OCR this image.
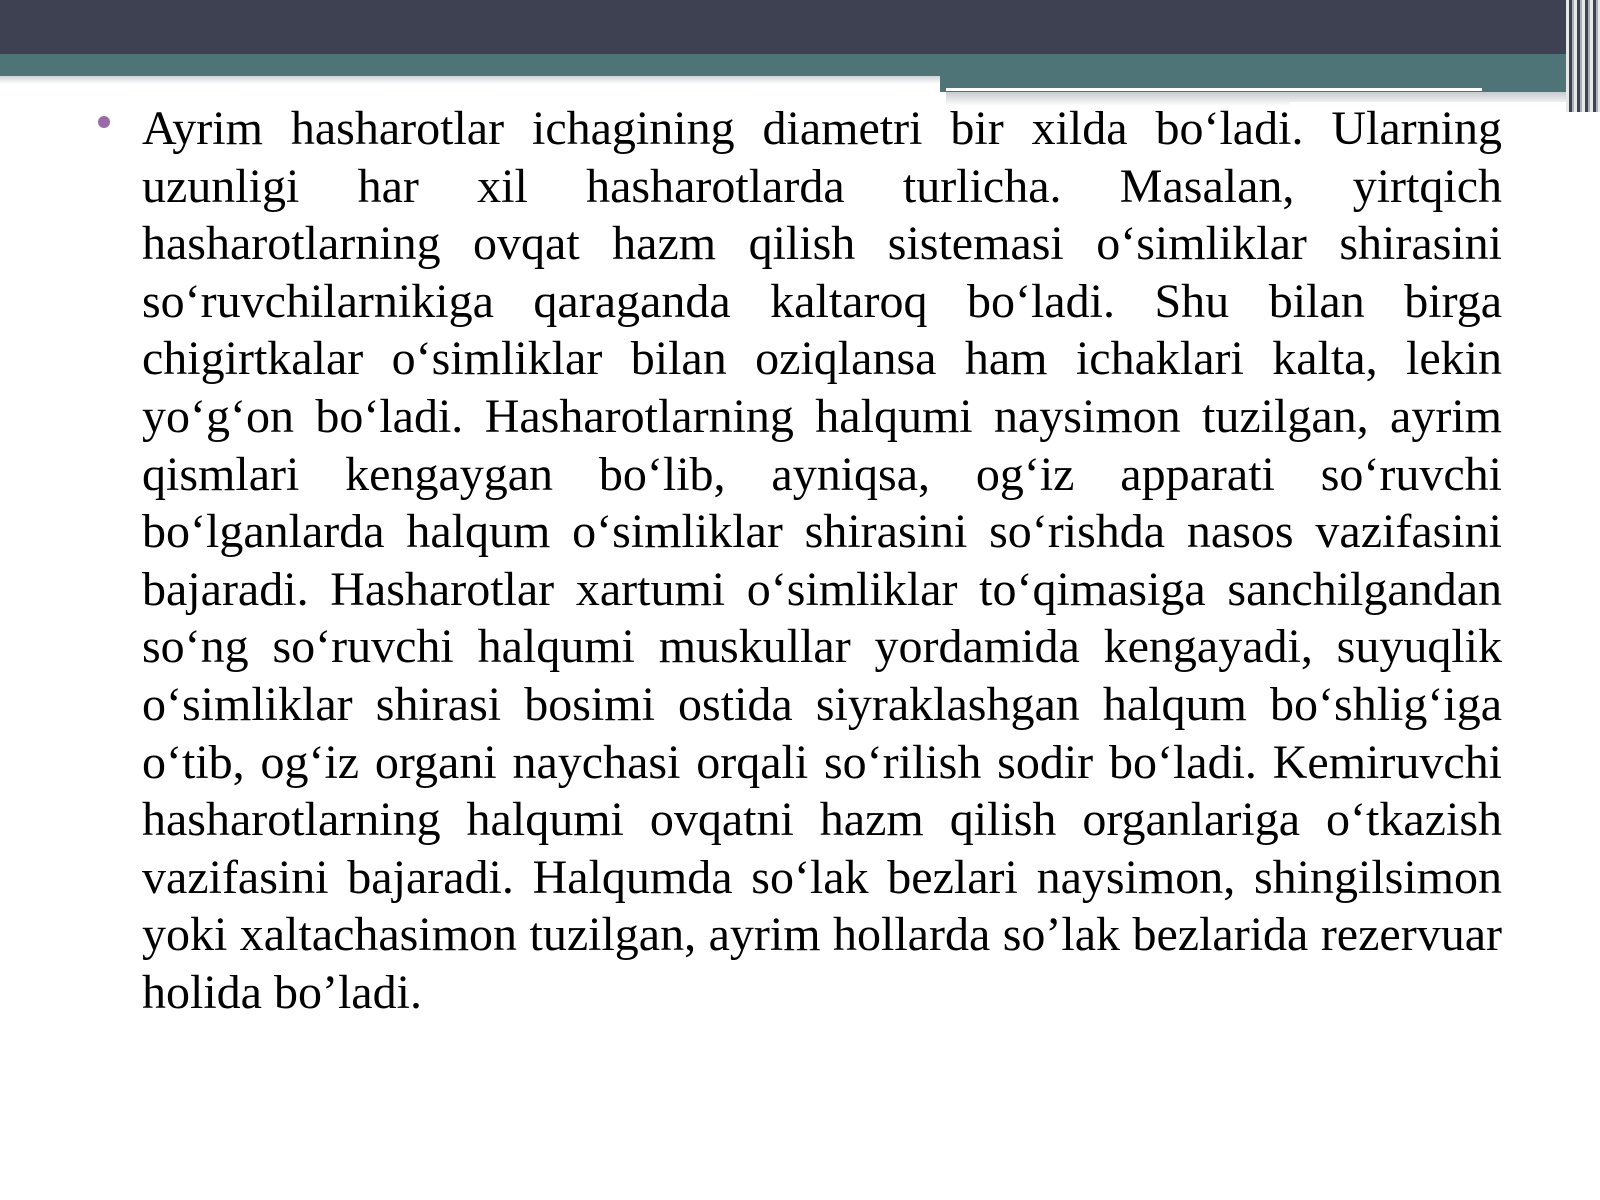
Ayrim hasharotlar ichagining diametri bir xilda bo‘ladi. Ularning uzunligi har xil hasharotlarda turlicha. Masalan, yirtqich hasharotlarning ovqat hazm qilish sistemasi o‘simliklar shirasini so‘ruvchilarnikiga qaraganda kaltaroq bo‘ladi. Shu bilan birga chigirtkalar o‘simliklar bilan oziqlansa ham ichaklari kalta, lekin yo‘g‘on bo‘ladi. Hasharotlarning halqumi naysimon tuzilgan, ayrim qismlari kengaygan bo‘lib, ayniqsa, og‘iz apparati so‘ruvchi bo‘lganlarda halqum o‘simliklar shirasini so‘rishda nasos vazifasini bajaradi. Hasharotlar xartumi o‘simliklar to‘qimasiga sanchilgandan so‘ng so‘ruvchi halqumi muskullar yordamida kengayadi, suyuqlik o‘simliklar shirasi bosimi ostida siyraklashgan halqum bo‘shlig‘iga o‘tib, og‘iz organi naychasi orqali so‘rilish sodir bo‘ladi. Kemiruvchi hasharotlarning halqumi ovqatni hazm qilish organlariga o‘tkazish vazifasini bajaradi. Halqumda so‘lak bezlari naysimon, shingilsimon yoki xaltachasimon tuzilgan, ayrim hollarda so’lak bezlarida rezervuar holida bo’ladi.
